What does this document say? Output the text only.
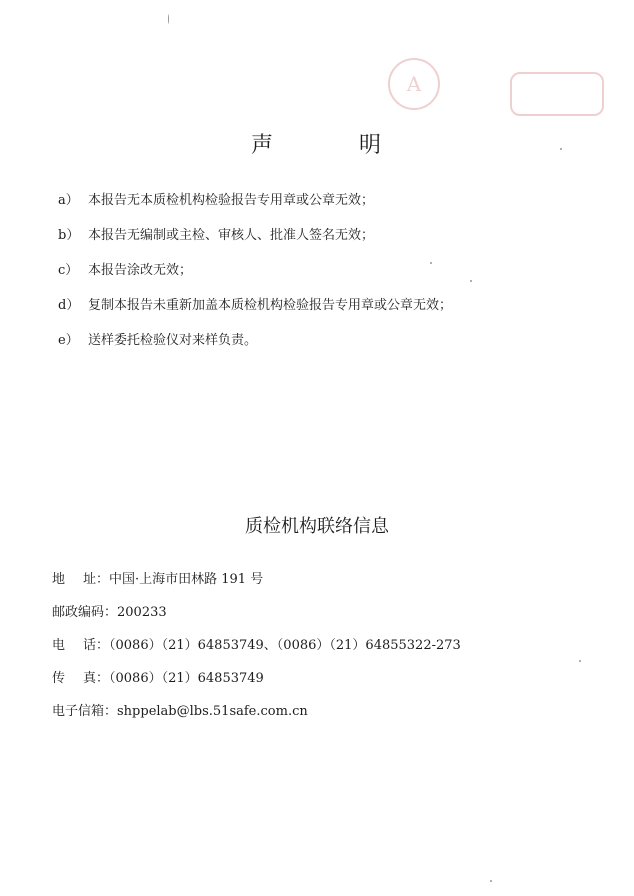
A
声　明
a） 本报告无本质检机构检验报告专用章或公章无效；
b） 本报告无编制或主检、审核人、批准人签名无效；
c） 本报告涂改无效；
d） 复制本报告未重新加盖本质检机构检验报告专用章或公章无效；
e） 送样委托检验仪对来样负责。
质检机构联络信息
地 址 ：中国·上海市田林路 191 号
邮政编码 ：200233
电 话 ：（0086）（21）64853749、（0086）（21）64855322-273
传 真 ：（0086）（21）64853749
电子信箱 ：shppelab@lbs.51safe.com.cn
